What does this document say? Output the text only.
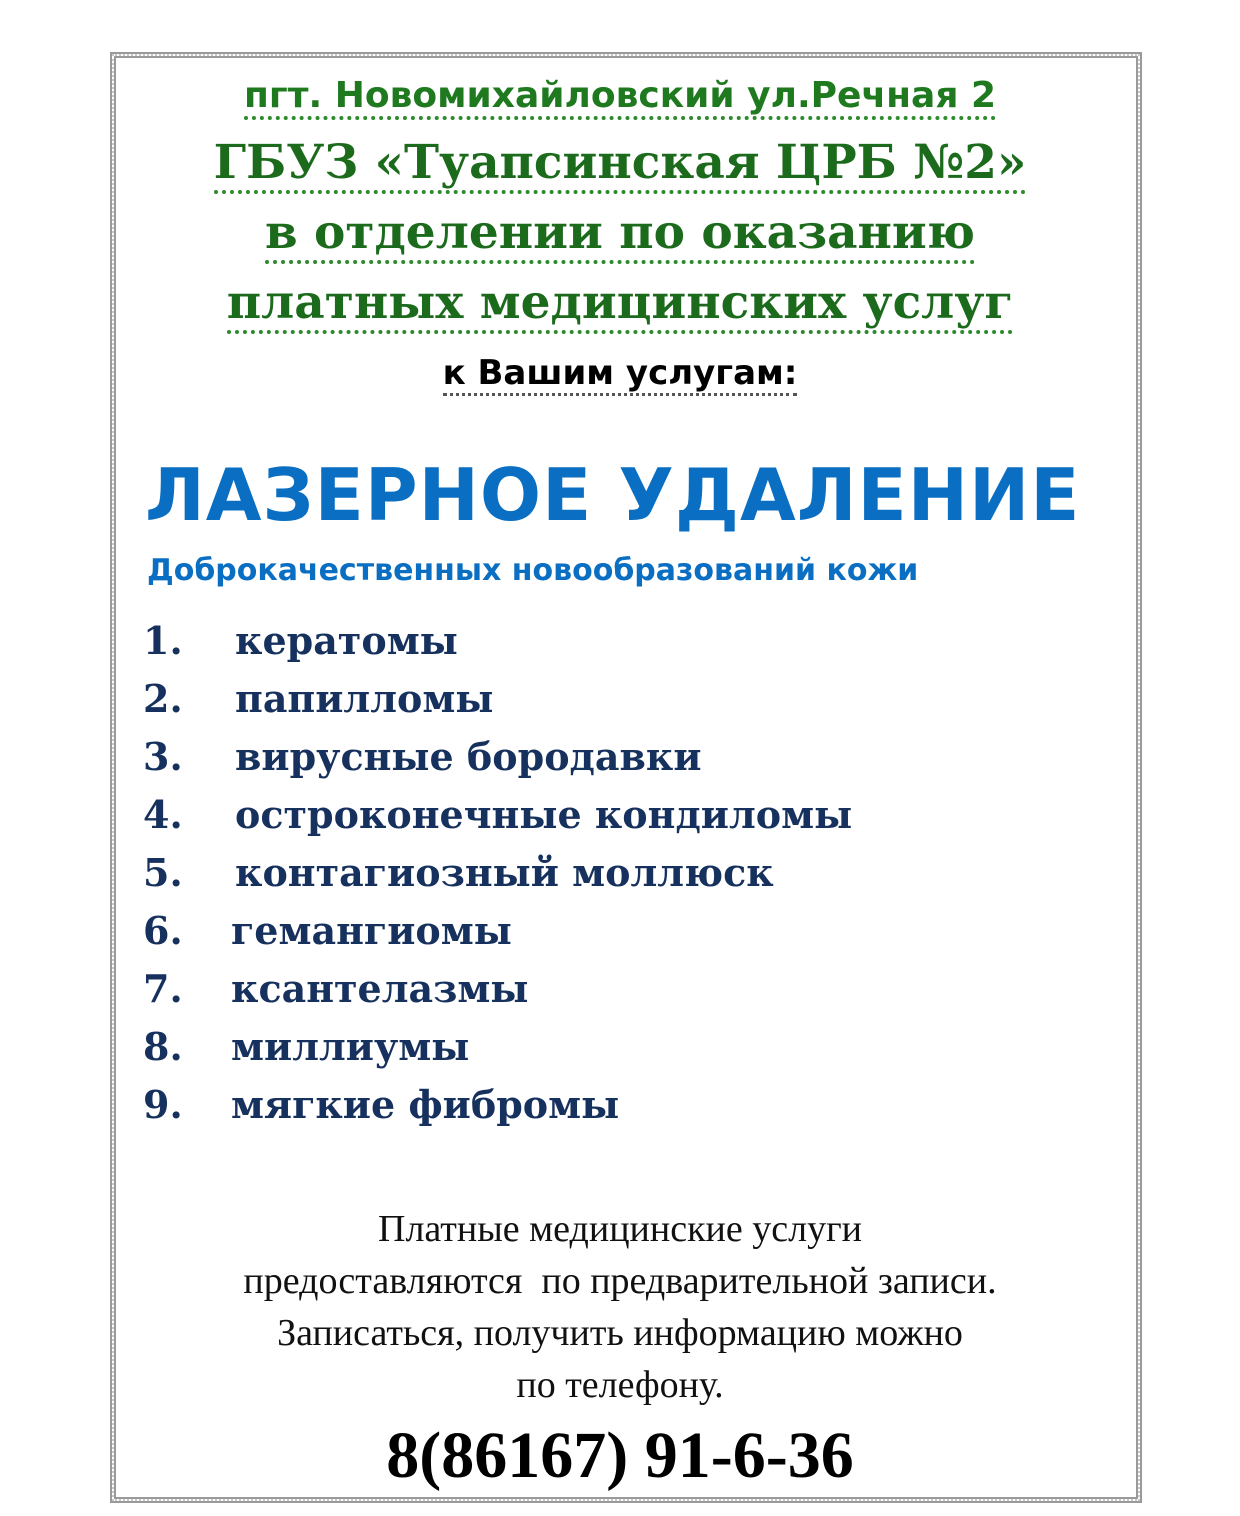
пгт. Новомихайловский ул.Речная 2
ГБУЗ «Туапсинская ЦРБ №2»
в отделении по оказанию
платных медицинских услуг
к Вашим услугам:
ЛАЗЕРНОЕ УДАЛЕНИЕ
Доброкачественных новообразований кожи
1. кератомы
2. папилломы
3. вирусные бородавки
4. остроконечные кондиломы
5. контагиозный моллюск
6. гемангиомы
7. ксантелазмы
8. миллиумы
9. мягкие фибромы
Платные медицинские услуги
предоставляются  по предварительной записи.
Записаться, получить информацию можно
по телефону.
8(86167) 91-6-36
